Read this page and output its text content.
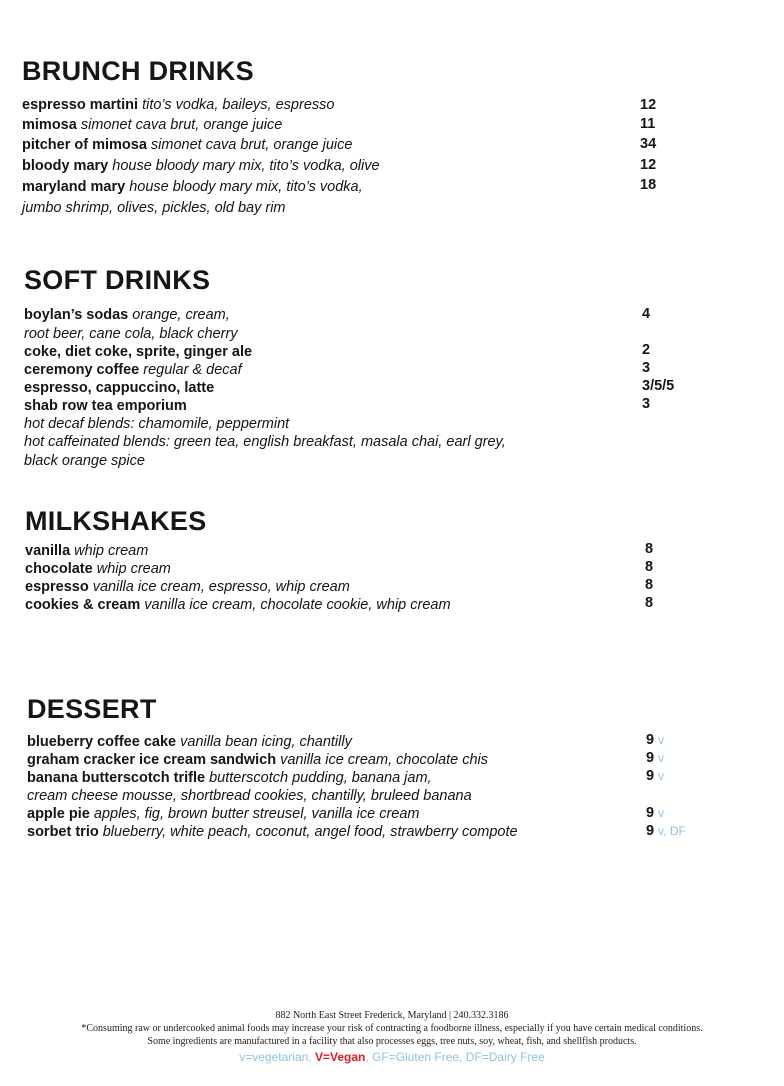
BRUNCH DRINKS
espresso martini tito’s vodka, baileys, espresso	12
mimosa simonet cava brut, orange juice	11
pitcher of mimosa simonet cava brut, orange juice	34
bloody mary house bloody mary mix, tito’s vodka, olive	12
maryland mary house bloody mary mix, tito’s vodka,	18
jumbo shrimp, olives, pickles, old bay rim
SOFT DRINKS
boylan’s sodas orange, cream,	4
root beer, cane cola, black cherry
coke, diet coke, sprite, ginger ale	2
ceremony coffee regular & decaf	3
espresso, cappuccino, latte	3/5/5
shab row tea emporium	3
hot decaf blends: chamomile, peppermint
hot caffeinated blends: green tea, english breakfast, masala chai, earl grey,
black orange spice
MILKSHAKES
vanilla whip cream	8
chocolate whip cream	8
espresso vanilla ice cream, espresso, whip cream	8
cookies & cream vanilla ice cream, chocolate cookie, whip cream	8
DESSERT
blueberry coffee cake vanilla bean icing, chantilly	9 v
graham cracker ice cream sandwich vanilla ice cream, chocolate chis	9 v
banana butterscotch trifle butterscotch pudding, banana jam,	9 v
cream cheese mousse, shortbread cookies, chantilly, bruleed banana
apple pie apples, fig, brown butter streusel, vanilla ice cream	9 v
sorbet trio blueberry, white peach, coconut, angel food, strawberry compote	9 v, DF
882 North East Street Frederick, Maryland | 240.332.3186
*Consuming raw or undercooked animal foods may increase your risk of contracting a foodborne illness, especially if you have certain medical conditions.
Some ingredients are manufactured in a facility that also processes eggs, tree nuts, soy, wheat, fish, and shellfish products.
v=vegetarian, V=Vegan, GF=Gluten Free, DF=Dairy Free
